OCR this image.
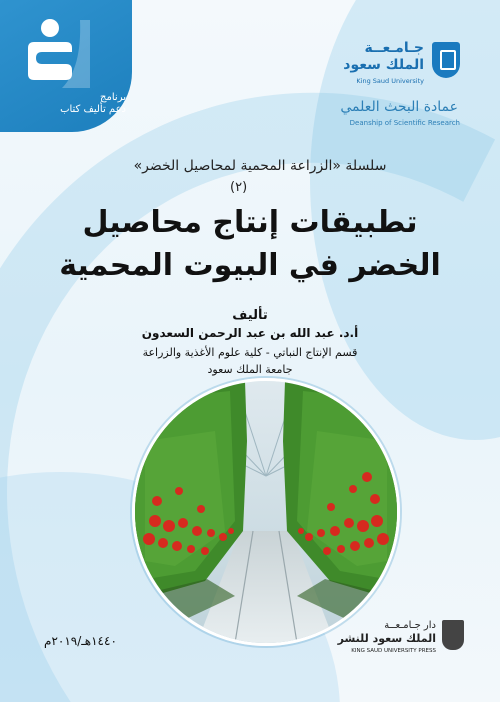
برنامج
دعم تأليف كتاب
جـامـعــة
الملك سعود
King Saud University
عمادة البحث العلمي
Deanship of Scientific Research
سلسلة «الزراعة المحمية لمحاصيل الخضر»
(٢)
تطبيقات إنتاج محاصيل
الخضر في البيوت المحمية
تأليف
أ.د. عبد الله بن عبد الرحمن السعدون
قسم الإنتاج النباتي - كلية علوم الأغذية والزراعة
جامعة الملك سعود
١٤٤٠هـ/٢٠١٩م
دار جـامـعــة
الملك سعود للنشر
KING SAUD UNIVERSITY PRESS
